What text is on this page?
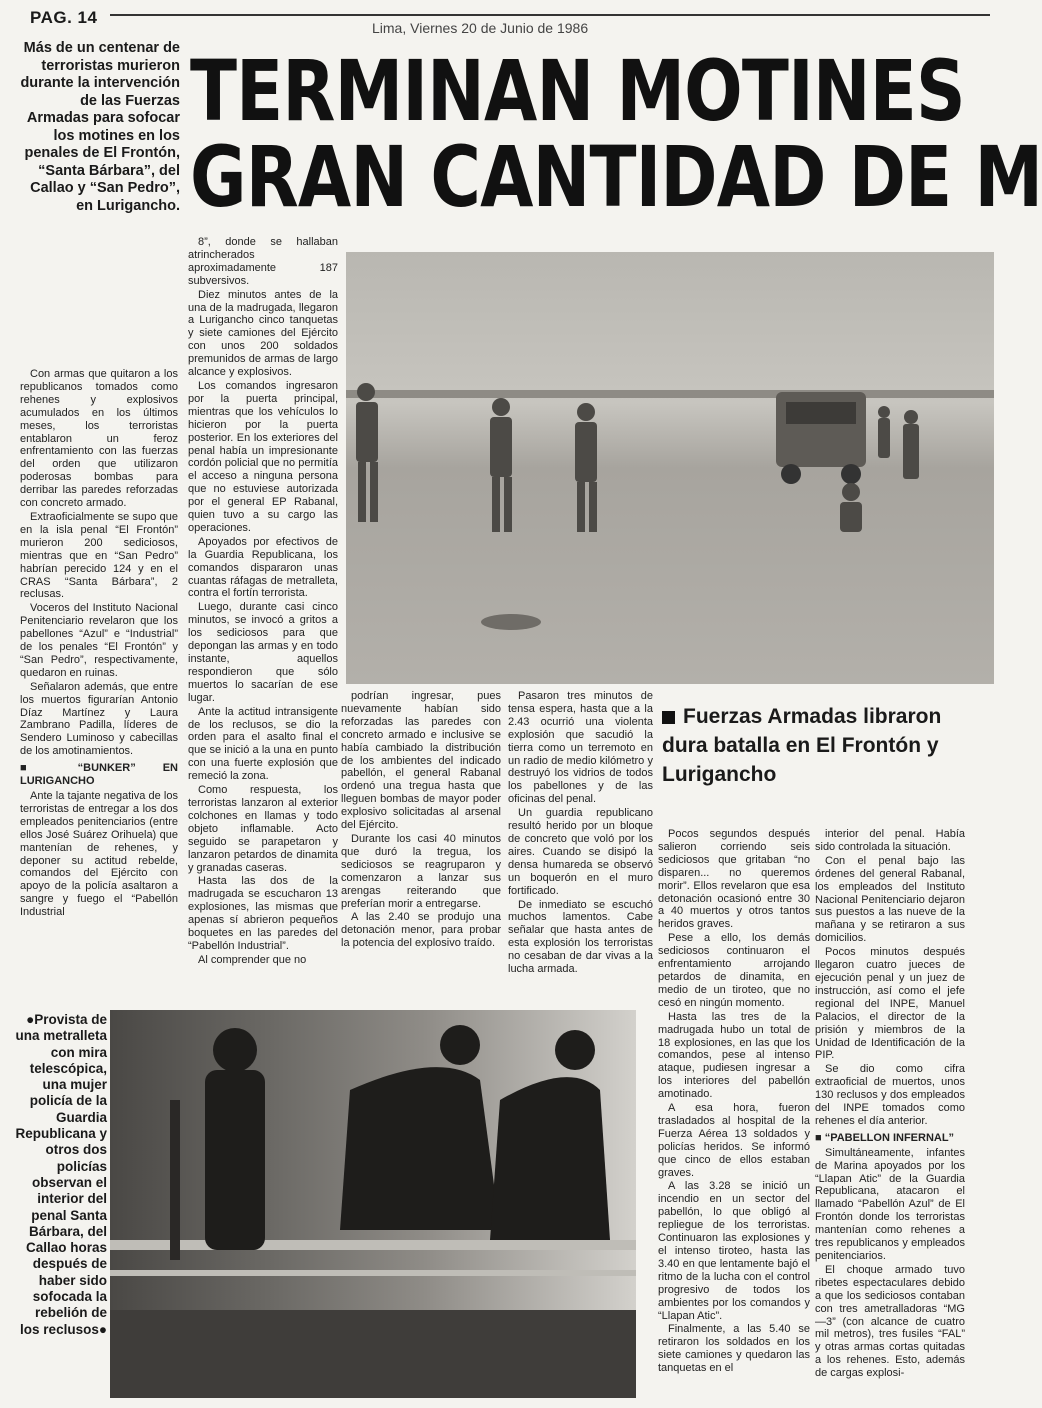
PAG. 14
Lima, Viernes 20 de Junio de 1986
TERMINAN MOTINES
GRAN CANTIDAD DE M
Más de un centenar de terroristas murieron durante la intervención de las Fuerzas Armadas para sofocar los motines en los penales de El Frontón, “Santa Bárbara”, del Callao y “San Pedro”, en Lurigancho.

Con armas que quitaron a los republicanos tomados como rehenes y explosivos acumulados en los últimos meses, los terroristas entablaron un feroz enfrentamiento con las fuerzas del orden que utilizaron poderosas bombas para derribar las paredes reforzadas con concreto armado.

Extraoficialmente se supo que en la isla penal “El Frontón” murieron 200 sediciosos, mientras que en “San Pedro” habrían perecido 124 y en el CRAS “Santa Bárbara”, 2 reclusas.

Voceros del Instituto Nacional Penitenciario revelaron que los pabellones “Azul” e “Industrial” de los penales “El Frontón” y “San Pedro”, respectivamente, quedaron en ruinas.

Señalaron además, que entre los muertos figurarían Antonio Díaz Martínez y Laura Zambrano Padilla, líderes de Sendero Luminoso y cabecillas de los amotinamientos.

■ “BUNKER” EN LURIGANCHO

Ante la tajante negativa de los terroristas de entregar a los dos empleados penitenciarios (entre ellos José Suárez Orihuela) que mantenían de rehenes, y deponer su actitud rebelde, comandos del Ejército con apoyo de la policía asaltaron a sangre y fuego el “Pabellón Industrial

8”, donde se hallaban atrincherados aproximadamente 187 subversivos.

Diez minutos antes de la una de la madrugada, llegaron a Lurigancho cinco tanquetas y siete camiones del Ejército con unos 200 soldados premunidos de armas de largo alcance y explosivos.

Los comandos ingresaron por la puerta principal, mientras que los vehículos lo hicieron por la puerta posterior. En los exteriores del penal había un impresionante cordón policial que no permitía el acceso a ninguna persona que no estuviese autorizada por el general EP Rabanal, quien tuvo a su cargo las operaciones.

Apoyados por efectivos de la Guardia Republicana, los comandos dispararon unas cuantas ráfagas de metralleta, contra el fortín terrorista.

Luego, durante casi cinco minutos, se invocó a gritos a los sediciosos para que depongan las armas y en todo instante, aquellos respondieron que sólo muertos lo sacarían de ese lugar.

Ante la actitud intransigente de los reclusos, se dio la orden para el asalto final el que se inició a la una en punto con una fuerte explosión que remeció la zona.

Como respuesta, los terroristas lanzaron al exterior colchones en llamas y todo objeto inflamable. Acto seguido se parapetaron y lanzaron petardos de dinamita y granadas caseras.

Hasta las dos de la madrugada se escucharon 13 explosiones, las mismas que apenas sí abrieron pequeños boquetes en las paredes del “Pabellón Industrial”.

Al comprender que no

podrían ingresar, pues nuevamente habían sido reforzadas las paredes con concreto armado e inclusive se había cambiado la distribución de los ambientes del indicado pabellón, el general Rabanal ordenó una tregua hasta que lleguen bombas de mayor poder explosivo solicitadas al arsenal del Ejército.

Durante los casi 40 minutos que duró la tregua, los sediciosos se reagruparon y comenzaron a lanzar sus arengas reiterando que preferían morir a entregarse.

A las 2.40 se produjo una detonación menor, para probar la potencia del explosivo traído.

Pasaron tres minutos de tensa espera, hasta que a la 2.43 ocurrió una violenta explosión que sacudió la tierra como un terremoto en un radio de medio kilómetro y destruyó los vidrios de todos los pabellones y de las oficinas del penal.

Un guardia republicano resultó herido por un bloque de concreto que voló por los aires. Cuando se disipó la densa humareda se observó un boquerón en el muro fortificado.

De inmediato se escuchó muchos lamentos. Cabe señalar que hasta antes de esta explosión los terroristas no cesaban de dar vivas a la lucha armada.

Fuerzas Armadas libraron dura batalla en El Frontón y Lurigancho

Pocos segundos después salieron corriendo seis sediciosos que gritaban “no disparen... no queremos morir”. Ellos revelaron que esa detonación ocasionó entre 30 a 40 muertos y otros tantos heridos graves.

Pese a ello, los demás sediciosos continuaron el enfrentamiento arrojando petardos de dinamita, en medio de un tiroteo, que no cesó en ningún momento.

Hasta las tres de la madrugada hubo un total de 18 explosiones, en las que los comandos, pese al intenso ataque, pudiesen ingresar a los interiores del pabellón amotinado.

A esa hora, fueron trasladados al hospital de la Fuerza Aérea 13 soldados y policías heridos. Se informó que cinco de ellos estaban graves.

A las 3.28 se inició un incendio en un sector del pabellón, lo que obligó al repliegue de los terroristas. Continuaron las explosiones y el intenso tiroteo, hasta las 3.40 en que lentamente bajó el ritmo de la lucha con el control progresivo de todos los ambientes por los comandos y “Llapan Atic”.

Finalmente, a las 5.40 se retiraron los soldados en los siete camiones y quedaron las tanquetas en el

interior del penal. Había sido controlada la situación.

Con el penal bajo las órdenes del general Rabanal, los empleados del Instituto Nacional Penitenciario dejaron sus puestos a las nueve de la mañana y se retiraron a sus domicilios.

Pocos minutos después llegaron cuatro jueces de ejecución penal y un juez de instrucción, así como el jefe regional del INPE, Manuel Palacios, el director de la prisión y miembros de la Unidad de Identificación de la PIP.

Se dio como cifra extraoficial de muertos, unos 130 reclusos y dos empleados del INPE tomados como rehenes el día anterior.

■ “PABELLON INFERNAL”

Simultáneamente, infantes de Marina apoyados por los “Llapan Atic” de la Guardia Republicana, atacaron el llamado “Pabellón Azul” de El Frontón donde los terroristas mantenían como rehenes a tres republicanos y empleados penitenciarios.

El choque armado tuvo ribetes espectaculares debido a que los sediciosos contaban con tres ametralladoras “MG—3” (con alcance de cuatro mil metros), tres fusiles “FAL” y otras armas cortas quitadas a los rehenes. Esto, además de cargas explosi-

●Provista de una metralleta con mira telescópica, una mujer policía de la Guardia Republicana y otros dos policías observan el interior del penal Santa Bárbara, del Callao horas después de haber sido sofocada la rebelión de los reclusos●
